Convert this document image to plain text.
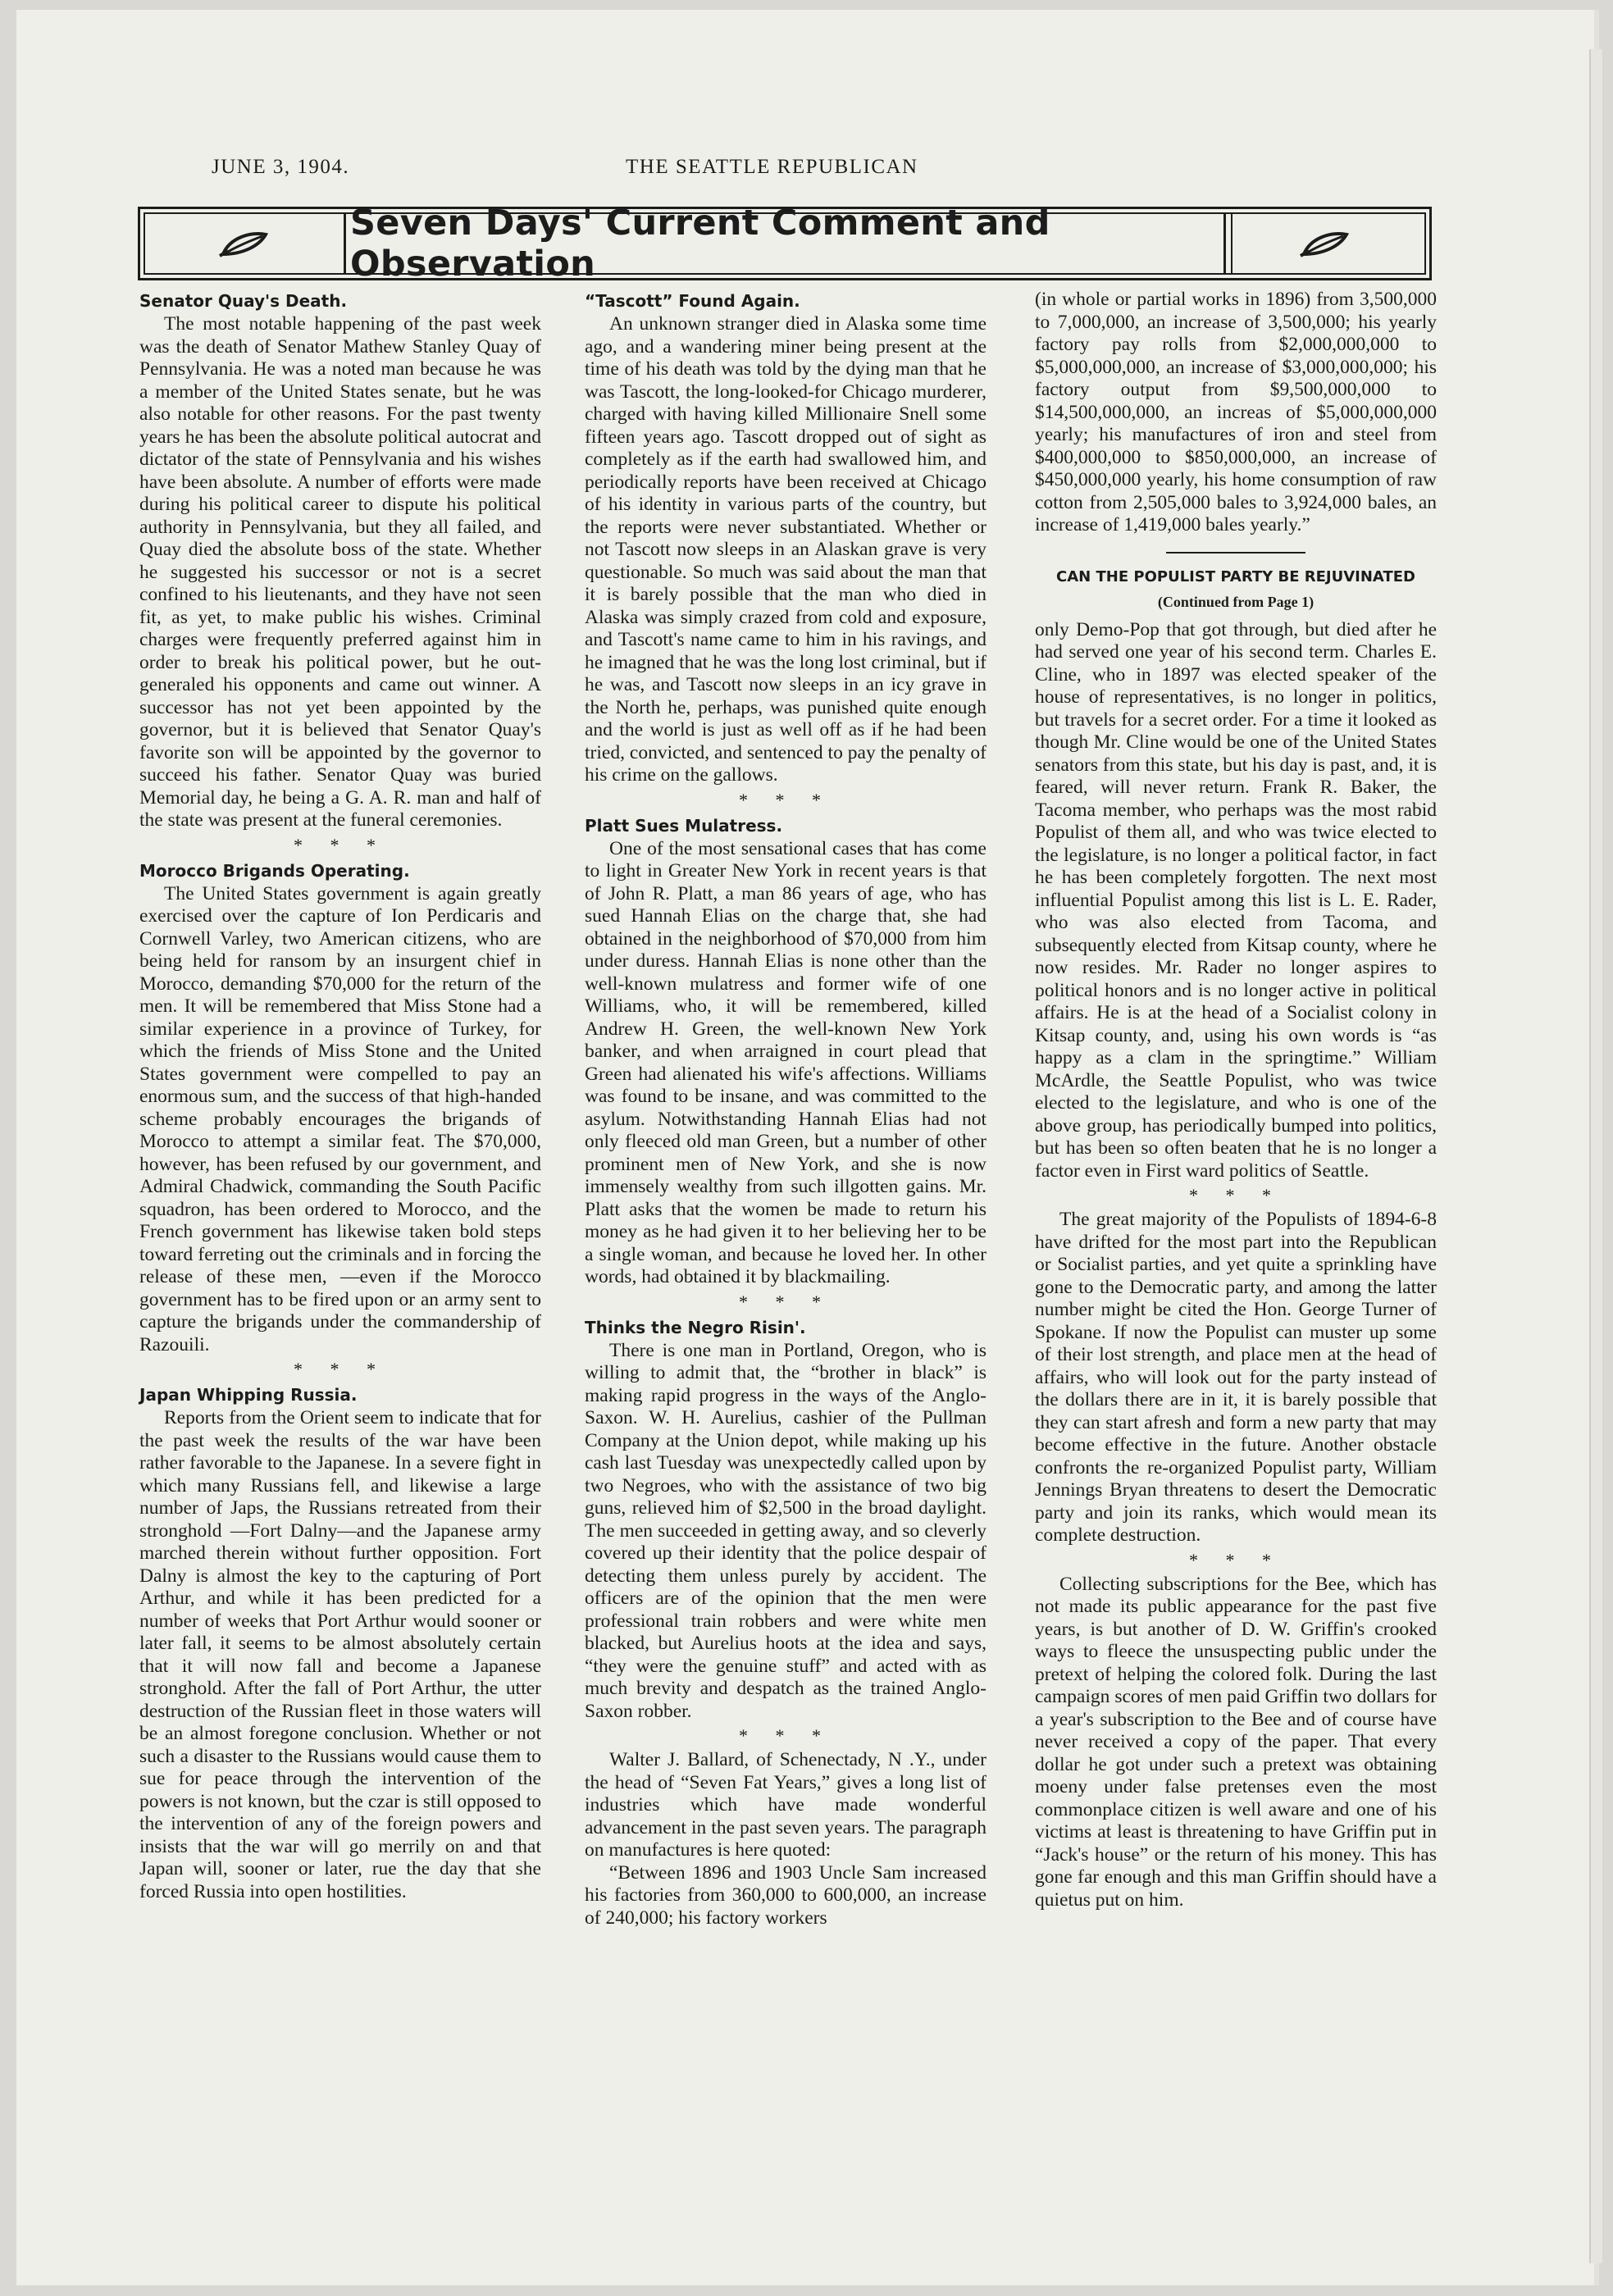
JUNE 3, 1904.	THE SEATTLE REPUBLICAN
Seven Days' Current Comment and Observation
Senator Quay's Death.

The most notable happening of the past week was the death of Senator Mathew Stanley Quay of Pennsylvania. He was a noted man because he was a member of the United States senate, but he was also notable for other reasons. For the past twenty years he has been the absolute political autocrat and dictator of the state of Pennsylvania and his wishes have been absolute. A number of efforts were made during his political career to dispute his political authority in Pennsylvania, but they all failed, and Quay died the absolute boss of the state. Whether he suggested his successor or not is a secret confined to his lieutenants, and they have not seen fit, as yet, to make public his wishes. Criminal charges were frequently preferred against him in order to break his political power, but he out-generaled his opponents and came out winner. A successor has not yet been appointed by the governor, but it is believed that Senator Quay's favorite son will be appointed by the governor to succeed his father. Senator Quay was buried Memorial day, he being a G. A. R. man and half of the state was present at the funeral ceremonies.

* * *
Morocco Brigands Operating.

The United States government is again greatly exercised over the capture of Ion Perdicaris and Cornwell Varley, two American citizens, who are being held for ransom by an insurgent chief in Morocco, demanding $70,000 for the return of the men. It will be remembered that Miss Stone had a similar experience in a province of Turkey, for which the friends of Miss Stone and the United States government were compelled to pay an enormous sum, and the success of that high-handed scheme probably encourages the brigands of Morocco to attempt a similar feat. The $70,000, however, has been refused by our government, and Admiral Chadwick, commanding the South Pacific squadron, has been ordered to Morocco, and the French government has likewise taken bold steps toward ferreting out the criminals and in forcing the release of these men, —even if the Morocco government has to be fired upon or an army sent to capture the brigands under the commandership of Razouili.

* * *
Japan Whipping Russia.

Reports from the Orient seem to indicate that for the past week the results of the war have been rather favorable to the Japanese. In a severe fight in which many Russians fell, and likewise a large number of Japs, the Russians retreated from their stronghold —Fort Dalny—and the Japanese army marched therein without further opposition. Fort Dalny is almost the key to the capturing of Port Arthur, and while it has been predicted for a number of weeks that Port Arthur would sooner or later fall, it seems to be almost absolutely certain that it will now fall and become a Japanese stronghold. After the fall of Port Arthur, the utter destruction of the Russian fleet in those waters will be an almost foregone conclusion. Whether or not such a disaster to the Russians would cause them to sue for peace through the intervention of the powers is not known, but the czar is still opposed to the intervention of any of the foreign powers and insists that the war will go merrily on and that Japan will, sooner or later, rue the day that she forced Russia into open hostilities.

“Tascott” Found Again.

An unknown stranger died in Alaska some time ago, and a wandering miner being present at the time of his death was told by the dying man that he was Tascott, the long-looked-for Chicago murderer, charged with having killed Millionaire Snell some fifteen years ago. Tascott dropped out of sight as completely as if the earth had swallowed him, and periodically reports have been received at Chicago of his identity in various parts of the country, but the reports were never substantiated. Whether or not Tascott now sleeps in an Alaskan grave is very questionable. So much was said about the man that it is barely possible that the man who died in Alaska was simply crazed from cold and exposure, and Tascott's name came to him in his ravings, and he imagned that he was the long lost criminal, but if he was, and Tascott now sleeps in an icy grave in the North he, perhaps, was punished quite enough and the world is just as well off as if he had been tried, convicted, and sentenced to pay the penalty of his crime on the gallows.

* * *
Platt Sues Mulatress.

One of the most sensational cases that has come to light in Greater New York in recent years is that of John R. Platt, a man 86 years of age, who has sued Hannah Elias on the charge that, she had obtained in the neighborhood of $70,000 from him under duress. Hannah Elias is none other than the well-known mulatress and former wife of one Williams, who, it will be remembered, killed Andrew H. Green, the well-known New York banker, and when arraigned in court plead that Green had alienated his wife's affections. Williams was found to be insane, and was committed to the asylum. Notwithstanding Hannah Elias had not only fleeced old man Green, but a number of other prominent men of New York, and she is now immensely wealthy from such illgotten gains. Mr. Platt asks that the women be made to return his money as he had given it to her believing her to be a single woman, and because he loved her. In other words, had obtained it by blackmailing.

* * *
Thinks the Negro Risin'.

There is one man in Portland, Oregon, who is willing to admit that, the “brother in black” is making rapid progress in the ways of the Anglo-Saxon. W. H. Aurelius, cashier of the Pullman Company at the Union depot, while making up his cash last Tuesday was unexpectedly called upon by two Negroes, who with the assistance of two big guns, relieved him of $2,500 in the broad daylight. The men succeeded in getting away, and so cleverly covered up their identity that the police despair of detecting them unless purely by accident. The officers are of the opinion that the men were professional train robbers and were white men blacked, but Aurelius hoots at the idea and says, “they were the genuine stuff” and acted with as much brevity and despatch as the trained Anglo-Saxon robber.

* * *

Walter J. Ballard, of Schenectady, N .Y., under the head of “Seven Fat Years,” gives a long list of industries which have made wonderful advancement in the past seven years. The paragraph on manufactures is here quoted:

“Between 1896 and 1903 Uncle Sam increased his factories from 360,000 to 600,000, an increase of 240,000; his factory workers

(in whole or partial works in 1896) from 3,500,000 to 7,000,000, an increase of 3,500,000; his yearly factory pay rolls from $2,000,000,000 to $5,000,000,000, an increase of $3,000,000,000; his factory output from $9,500,000,000 to $14,500,000,000, an increas of $5,000,000,000 yearly; his manufactures of iron and steel from $400,000,000 to $850,000,000, an increase of $450,000,000 yearly, his home consumption of raw cotton from 2,505,000 bales to 3,924,000 bales, an increase of 1,419,000 bales yearly.”

CAN THE POPULIST PARTY BE REJUVINATED
(Continued from Page 1)

only Demo-Pop that got through, but died after he had served one year of his second term. Charles E. Cline, who in 1897 was elected speaker of the house of representatives, is no longer in politics, but travels for a secret order. For a time it looked as though Mr. Cline would be one of the United States senators from this state, but his day is past, and, it is feared, will never return. Frank R. Baker, the Tacoma member, who perhaps was the most rabid Populist of them all, and who was twice elected to the legislature, is no longer a political factor, in fact he has been completely forgotten. The next most influential Populist among this list is L. E. Rader, who was also elected from Tacoma, and subsequently elected from Kitsap county, where he now resides. Mr. Rader no longer aspires to political honors and is no longer active in political affairs. He is at the head of a Socialist colony in Kitsap county, and, using his own words is “as happy as a clam in the springtime.” William McArdle, the Seattle Populist, who was twice elected to the legislature, and who is one of the above group, has periodically bumped into politics, but has been so often beaten that he is no longer a factor even in First ward politics of Seattle.

* * *

The great majority of the Populists of 1894-6-8 have drifted for the most part into the Republican or Socialist parties, and yet quite a sprinkling have gone to the Democratic party, and among the latter number might be cited the Hon. George Turner of Spokane. If now the Populist can muster up some of their lost strength, and place men at the head of affairs, who will look out for the party instead of the dollars there are in it, it is barely possible that they can start afresh and form a new party that may become effective in the future. Another obstacle confronts the re-organized Populist party, William Jennings Bryan threatens to desert the Democratic party and join its ranks, which would mean its complete destruction.

* * *

Collecting subscriptions for the Bee, which has not made its public appearance for the past five years, is but another of D. W. Griffin's crooked ways to fleece the unsuspecting public under the pretext of helping the colored folk. During the last campaign scores of men paid Griffin two dollars for a year's subscription to the Bee and of course have never received a copy of the paper. That every dollar he got under such a pretext was obtaining moeny under false pretenses even the most commonplace citizen is well aware and one of his victims at least is threatening to have Griffin put in “Jack's house” or the return of his money. This has gone far enough and this man Griffin should have a quietus put on him.
